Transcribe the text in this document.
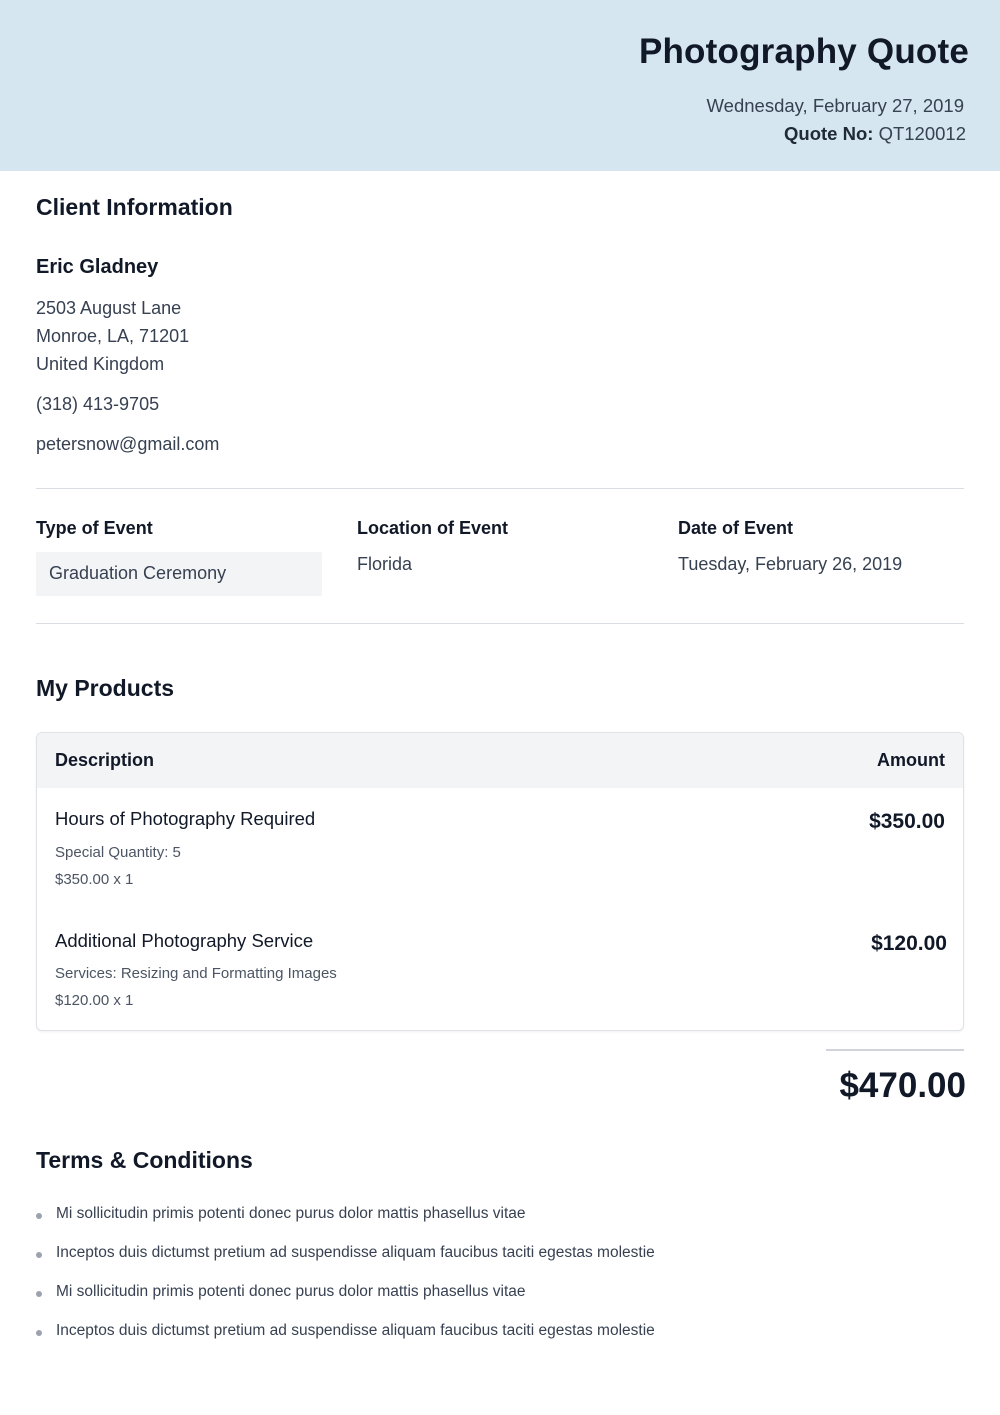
Photography Quote
Wednesday, February 27, 2019
Quote No: QT120012
Client Information
Eric Gladney
2503 August Lane
Monroe, LA, 71201
United Kingdom
(318) 413-9705
petersnow@gmail.com
Type of Event
Graduation Ceremony
Location of Event
Florida
Date of Event
Tuesday, February 26, 2019
My Products
Description	Amount
Hours of Photography Required
Special Quantity: 5
$350.00 x 1
$350.00
Additional Photography Service
Services: Resizing and Formatting Images
$120.00 x 1
$120.00
$470.00
Terms & Conditions
Mi sollicitudin primis potenti donec purus dolor mattis phasellus vitae
Inceptos duis dictumst pretium ad suspendisse aliquam faucibus taciti egestas molestie
Mi sollicitudin primis potenti donec purus dolor mattis phasellus vitae
Inceptos duis dictumst pretium ad suspendisse aliquam faucibus taciti egestas molestie
